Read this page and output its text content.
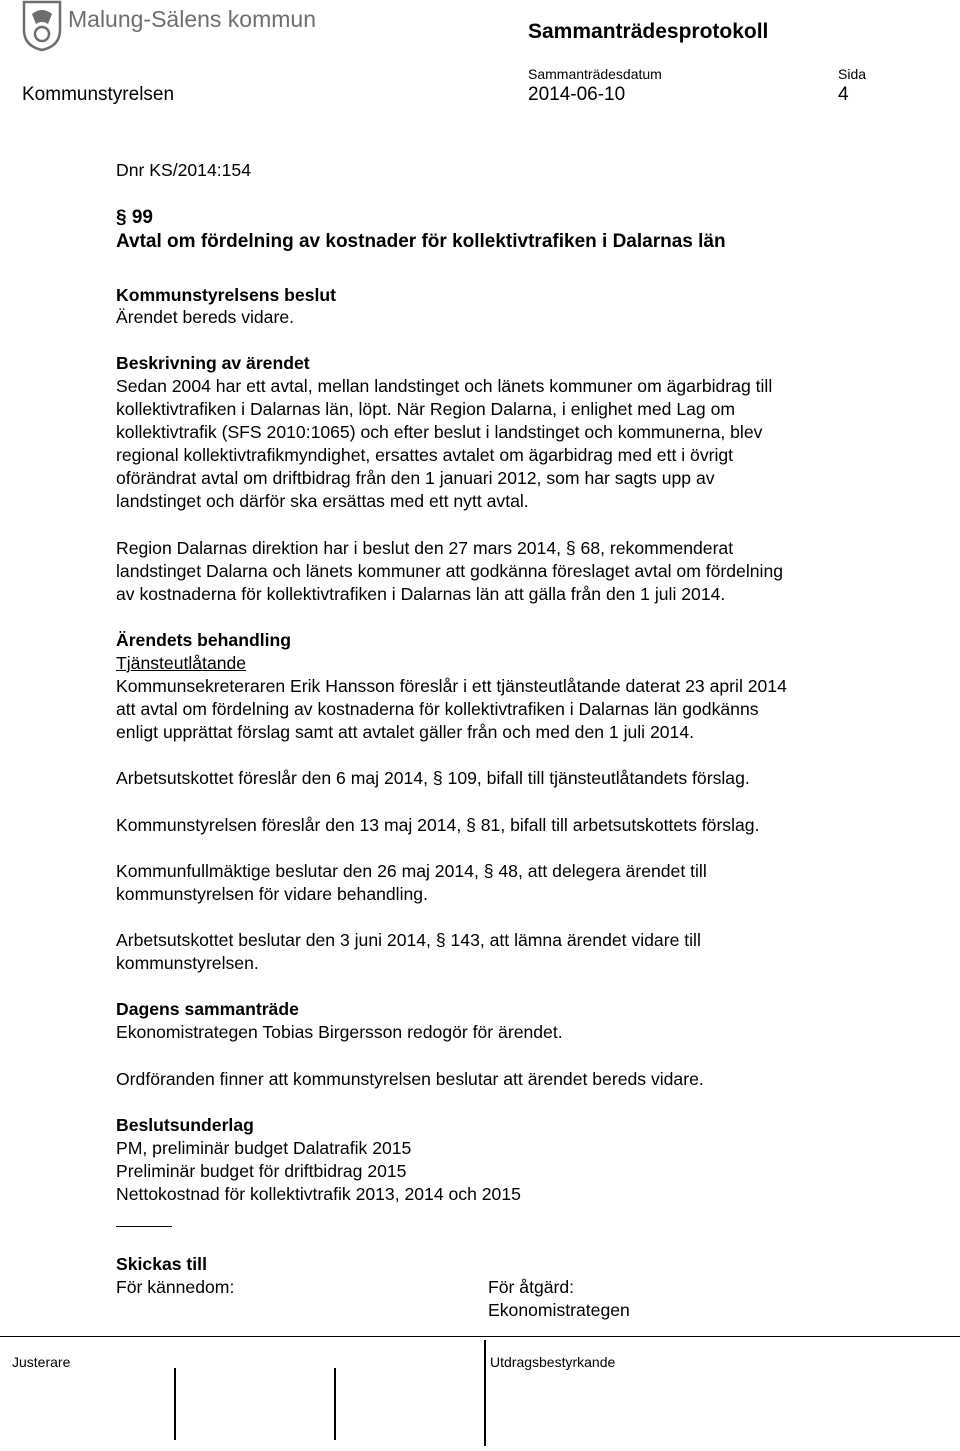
Malung-Sälens kommun	Sammanträdesprotokoll
Sammanträdesdatum	Sida
Kommunstyrelsen	2014-06-10	4
Dnr KS/2014:154
§ 99
Avtal om fördelning av kostnader för kollektivtrafiken i Dalarnas län
Kommunstyrelsens beslut
Ärendet bereds vidare.
Beskrivning av ärendet
Sedan 2004 har ett avtal, mellan landstinget och länets kommuner om ägarbidrag till
kollektivtrafiken i Dalarnas län, löpt. När Region Dalarna, i enlighet med Lag om
kollektivtrafik (SFS 2010:1065) och efter beslut i landstinget och kommunerna, blev
regional kollektivtrafikmyndighet, ersattes avtalet om ägarbidrag med ett i övrigt
oförändrat avtal om driftbidrag från den 1 januari 2012, som har sagts upp av
landstinget och därför ska ersättas med ett nytt avtal.
Region Dalarnas direktion har i beslut den 27 mars 2014, § 68, rekommenderat
landstinget Dalarna och länets kommuner att godkänna föreslaget avtal om fördelning
av kostnaderna för kollektivtrafiken i Dalarnas län att gälla från den 1 juli 2014.
Ärendets behandling
Tjänsteutlåtande
Kommunsekreteraren Erik Hansson föreslår i ett tjänsteutlåtande daterat 23 april 2014
att avtal om fördelning av kostnaderna för kollektivtrafiken i Dalarnas län godkänns
enligt upprättat förslag samt att avtalet gäller från och med den 1 juli 2014.
Arbetsutskottet föreslår den 6 maj 2014, § 109, bifall till tjänsteutlåtandets förslag.
Kommunstyrelsen föreslår den 13 maj 2014, § 81, bifall till arbetsutskottets förslag.
Kommunfullmäktige beslutar den 26 maj 2014, § 48, att delegera ärendet till
kommunstyrelsen för vidare behandling.
Arbetsutskottet beslutar den 3 juni 2014, § 143, att lämna ärendet vidare till
kommunstyrelsen.
Dagens sammanträde
Ekonomistrategen Tobias Birgersson redogör för ärendet.
Ordföranden finner att kommunstyrelsen beslutar att ärendet bereds vidare.
Beslutsunderlag
PM, preliminär budget Dalatrafik 2015
Preliminär budget för driftbidrag 2015
Nettokostnad för kollektivtrafik 2013, 2014 och 2015
Skickas till
För kännedom:	För åtgärd:
Ekonomistrategen
Justerare	Utdragsbestyrkande
